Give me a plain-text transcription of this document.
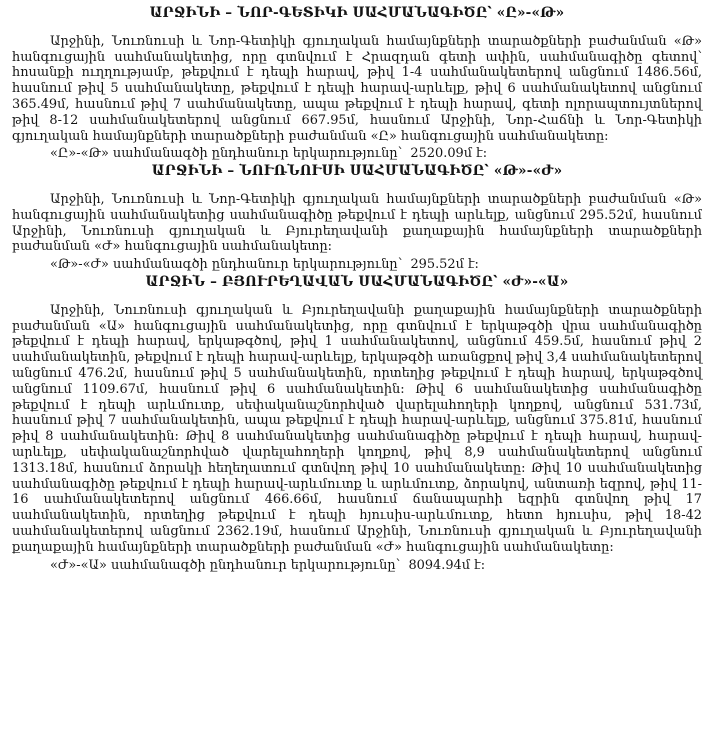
ԱՐՋԻՆԻ – ՆՈՐ-ԳԵՏԻԿԻ ՍԱՀՄԱՆԱԳԻԾԸ՝ «Ը»-«Թ»

Արջինի, Նուռնուսի և Նոր-Գետիկի գյուղական համայնքների տարածքների բաժանման «Թ» հանգուցային սահմանակետից, որը գտնվում է Հրազդան գետի ափին, սահմանագիծը գետով՝ հոսանքի ուղղությամբ, թեքվում է դեպի հարավ, թիվ 1-4 սահմանակետերով անցնում 1486.56մ, հասնում թիվ 5 սահմանակետը, թեքվում է դեպի հարավ-արևելք, թիվ 6 սահմանակետով անցնում 365.49մ, հասնում թիվ 7 սահմանակետը, ապա թեքվում է դեպի հարավ, գետի ոլորապտույտներով թիվ 8-12 սահմանակետերով անցնում 667.95մ, հասնում Արջինի, Նոր-Հաճնի և Նոր-Գետիկի գյուղական համայնքների տարածքների բաժանման «Ը» հանգուցային սահմանակետը:

«Ը»-«Թ» սահմանագծի ընդհանուր երկարությունը՝  2520.09մ է:

ԱՐՋԻՆԻ – ՆՈՒՌՆՈՒՍԻ ՍԱՀՄԱՆԱԳԻԾԸ՝ «Թ»-«Ժ»

Արջինի, Նուռնուսի և Նոր-Գետիկի գյուղական համայնքների տարածքների բաժանման «Թ» հանգուցային սահմանակետից սահմանագիծը թեքվում է դեպի արևելք, անցնում 295.52մ, հասնում Արջինի, Նուռնուսի գյուղական և Բյուրեղավանի քաղաքային համայնքների տարածքների բաժանման «Ժ» հանգուցային սահմանակետը:

«Թ»-«Ժ» սահմանագծի ընդհանուր երկարությունը՝  295.52մ է:

ԱՐՋԻՆ – ԲՅՈՒՐԵՂԱՎԱՆ ՍԱՀՄԱՆԱԳԻԾԸ՝ «Ժ»-«Ա»

Արջինի, Նուռնուսի գյուղական և Բյուրեղավանի քաղաքային համայնքների տարածքների բաժանման «Ա» հանգուցային սահմանակետից, որը գտնվում է երկաթգծի վրա սահմանագիծը թեքվում է դեպի հարավ, երկաթգծով, թիվ 1 սահմանակետով, անցնում 459.5մ, հասնում թիվ 2 սահմանակետին, թեքվում է դեպի հարավ-արևելք, երկաթգծի առանցքով թիվ 3,4 սահմանակետերով անցնում 476.2մ, հասնում թիվ 5 սահմանակետին, որտեղից թեքվում է դեպի հարավ, երկաթգծով անցնում 1109.67մ, հասնում թիվ 6 սահմանակետին: Թիվ 6 սահմանակետից սահմանագիծը թեքվում է դեպի արևմուտք, սեփականաշնորհված վարելահողերի կողքով, անցնում 531.73մ, հասնում թիվ 7 սահմանակետին, ապա թեքվում է դեպի հարավ-արևելք, անցնում 375.81մ, հասնում թիվ 8 սահմանակետին: Թիվ 8 սահմանակետից սահմանագիծը թեքվում է դեպի հարավ, հարավ-արևելք, սեփականաշնորհված վարելահողերի կողքով, թիվ 8,9 սահմանակետերով անցնում 1313.18մ, հասնում ձորակի հեղեղատում գտնվող թիվ 10 սահմանակետը: Թիվ 10 սահմանակետից սահմանագիծը թեքվում է դեպի հարավ-արևմուտք և արևմուտք, ձորակով, անտառի եզրով, թիվ 11-16 սահմանակետերով անցնում 466.66մ, հասնում ճանապարհի եզրին գտնվող թիվ 17 սահմանակետին, որտեղից թեքվում է դեպի հյուսիս-արևմուտք, հետո հյուսիս, թիվ 18-42 սահմանակետերով անցնում 2362.19մ, հասնում Արջինի, Նուռնուսի գյուղական և Բյուրեղավանի քաղաքային համայնքների տարածքների բաժանման «Ժ» հանգուցային սահմանակետը:

«Ժ»-«Ա» սահմանագծի ընդհանուր երկարությունը՝  8094.94մ է:
